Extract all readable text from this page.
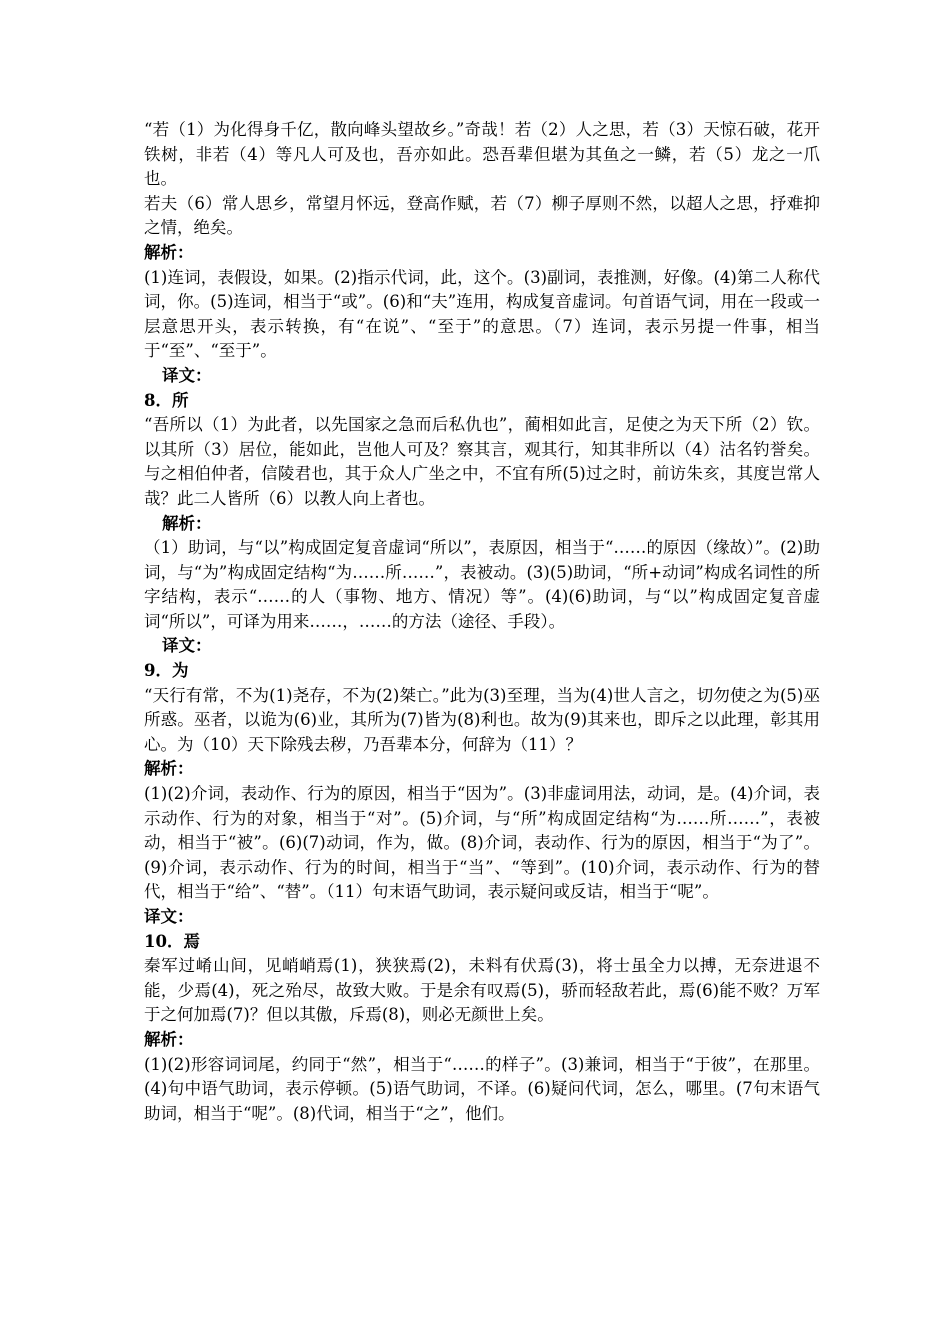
“若（1）为化得身千亿，散向峰头望故乡。”奇哉！若（2）人之思，若（3）天惊石破，花开铁树，非若（4）等凡人可及也，吾亦如此。恐吾辈但堪为其鱼之一鳞，若（5）龙之一爪也。

若夫（6）常人思乡，常望月怀远，登高作赋，若（7）柳子厚则不然，以超人之思，抒难抑之情，绝矣。

解析：

(1)连词，表假设，如果。(2)指示代词，此，这个。(3)副词，表推测，好像。(4)第二人称代词，你。(5)连词，相当于“或”。(6)和“夫”连用，构成复音虚词。句首语气词，用在一段或一层意思开头，表示转换，有“在说”、“至于”的意思。（7）连词，表示另提一件事，相当于“至”、“至于”。

译文：

8．所

“吾所以（1）为此者，以先国家之急而后私仇也”，蔺相如此言，足使之为天下所（2）钦。以其所（3）居位，能如此，岂他人可及？察其言，观其行，知其非所以（4）沽名钓誉矣。与之相伯仲者，信陵君也，其于众人广坐之中，不宜有所(5)过之时，前访朱亥，其度岂常人哉？此二人皆所（6）以教人向上者也。

解析：

（1）助词，与“以”构成固定复音虚词“所以”，表原因，相当于“……的原因（缘故）”。(2)助词，与“为”构成固定结构“为……所……”，表被动。(3)(5)助词，“所+动词”构成名词性的所字结构，表示“……的人（事物、地方、情况）等”。(4)(6)助词，与“以”构成固定复音虚词“所以”，可译为用来……，……的方法（途径、手段）。

译文：

9．为

“天行有常，不为(1)尧存，不为(2)桀亡。”此为(3)至理，当为(4)世人言之，切勿使之为(5)巫所惑。巫者，以诡为(6)业，其所为(7)皆为(8)利也。故为(9)其来也，即斥之以此理，彰其用心。为（10）天下除残去秽，乃吾辈本分，何辞为（11）？

解析：

(1)(2)介词，表动作、行为的原因，相当于“因为”。(3)非虚词用法，动词，是。(4)介词，表示动作、行为的对象，相当于“对”。(5)介词，与“所”构成固定结构“为……所……”，表被动，相当于“被”。(6)(7)动词，作为，做。(8)介词，表动作、行为的原因，相当于“为了”。(9)介词，表示动作、行为的时间，相当于“当”、“等到”。(10)介词，表示动作、行为的替代，相当于“给”、“替”。（11）句末语气助词，表示疑问或反诘，相当于“呢”。

译文：

10．焉

秦军过崤山间，见峭峭焉(1)，狭狭焉(2)，未料有伏焉(3)，将士虽全力以搏，无奈进退不能，少焉(4)，死之殆尽，故致大败。于是余有叹焉(5)，骄而轻敌若此，焉(6)能不败？万军于之何加焉(7)？但以其傲，斥焉(8)，则必无颜世上矣。

解析：

(1)(2)形容词词尾，约同于“然”，相当于“……的样子”。(3)兼词，相当于“于彼”，在那里。(4)句中语气助词，表示停顿。(5)语气助词，不译。(6)疑问代词，怎么，哪里。(7句末语气助词，相当于“呢”。(8)代词，相当于“之”，他们。
